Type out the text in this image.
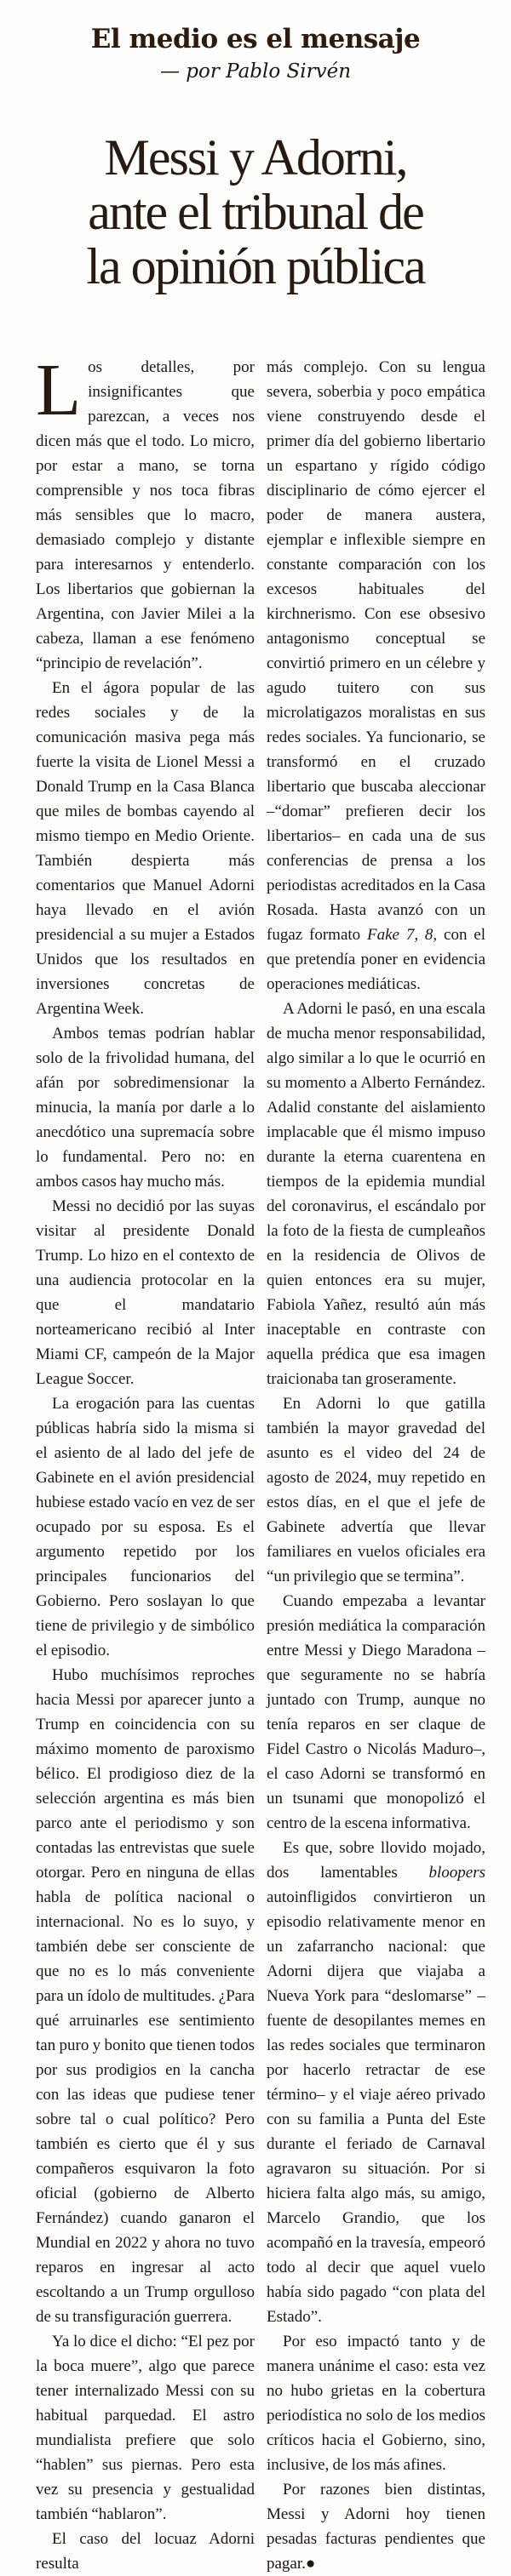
El medio es el mensaje
— por Pablo Sirvén
Messi y Adorni,
ante el tribunal de
la opinión pública

Los detalles, por insignificantes que parezcan, a veces nos dicen más que el todo. Lo micro, por estar a mano, se torna comprensible y nos toca fibras más sensibles que lo macro, demasiado complejo y distante para interesarnos y entenderlo. Los libertarios que gobiernan la Argentina, con Javier Milei a la cabeza, llaman a ese fenómeno “principio de revelación”.

En el ágora popular de las redes sociales y de la comunicación masiva pega más fuerte la visita de Lionel Messi a Donald Trump en la Casa Blanca que miles de bombas cayendo al mismo tiempo en Medio Oriente. También despierta más comentarios que Manuel Adorni haya llevado en el avión presidencial a su mujer a Estados Unidos que los resultados en inversiones concretas de Argentina Week.

Ambos temas podrían hablar solo de la frivolidad humana, del afán por sobredimensionar la minucia, la manía por darle a lo anecdótico una supremacía sobre lo fundamental. Pero no: en ambos casos hay mucho más.

Messi no decidió por las suyas visitar al presidente Donald Trump. Lo hizo en el contexto de una audiencia protocolar en la que el mandatario norteamericano recibió al Inter Miami CF, campeón de la Major League Soccer.

La erogación para las cuentas públicas habría sido la misma si el asiento de al lado del jefe de Gabinete en el avión presidencial hubiese estado vacío en vez de ser ocupado por su esposa. Es el argumento repetido por los principales funcionarios del Gobierno. Pero soslayan lo que tiene de privilegio y de simbólico el episodio.

Hubo muchísimos reproches hacia Messi por aparecer junto a Trump en coincidencia con su máximo momento de paroxismo bélico. El prodigioso diez de la selección argentina es más bien parco ante el periodismo y son contadas las entrevistas que suele otorgar. Pero en ninguna de ellas habla de política nacional o internacional. No es lo suyo, y también debe ser consciente de que no es lo más conveniente para un ídolo de multitudes. ¿Para qué arruinarles ese sentimiento tan puro y bonito que tienen todos por sus prodigios en la cancha con las ideas que pudiese tener sobre tal o cual político? Pero también es cierto que él y sus compañeros esquivaron la foto oficial (gobierno de Alberto Fernández) cuando ganaron el Mundial en 2022 y ahora no tuvo reparos en ingresar al acto escoltando a un Trump orgulloso de su transfiguración guerrera.

Ya lo dice el dicho: “El pez por la boca muere”, algo que parece tener internalizado Messi con su habitual parquedad. El astro mundialista prefiere que solo “hablen” sus piernas. Pero esta vez su presencia y gestualidad también “hablaron”.

El caso del locuaz Adorni resulta

más complejo. Con su lengua severa, soberbia y poco empática viene construyendo desde el primer día del gobierno libertario un espartano y rígido código disciplinario de cómo ejercer el poder de manera austera, ejemplar e inflexible siempre en constante comparación con los excesos habituales del kirchnerismo. Con ese obsesivo antagonismo conceptual se convirtió primero en un célebre y agudo tuitero con sus microlatigazos moralistas en sus redes sociales. Ya funcionario, se transformó en el cruzado libertario que buscaba aleccionar –“domar” prefieren decir los libertarios– en cada una de sus conferencias de prensa a los periodistas acreditados en la Casa Rosada. Hasta avanzó con un fugaz formato Fake 7, 8, con el que pretendía poner en evidencia operaciones mediáticas.

A Adorni le pasó, en una escala de mucha menor responsabilidad, algo similar a lo que le ocurrió en su momento a Alberto Fernández. Adalid constante del aislamiento implacable que él mismo impuso durante la eterna cuarentena en tiempos de la epidemia mundial del coronavirus, el escándalo por la foto de la fiesta de cumpleaños en la residencia de Olivos de quien entonces era su mujer, Fabiola Yañez, resultó aún más inaceptable en contraste con aquella prédica que esa imagen traicionaba tan groseramente.

En Adorni lo que gatilla también la mayor gravedad del asunto es el video del 24 de agosto de 2024, muy repetido en estos días, en el que el jefe de Gabinete advertía que llevar familiares en vuelos oficiales era “un privilegio que se termina”.

Cuando empezaba a levantar presión mediática la comparación entre Messi y Diego Maradona –que seguramente no se habría juntado con Trump, aunque no tenía reparos en ser claque de Fidel Castro o Nicolás Maduro–, el caso Adorni se transformó en un tsunami que monopolizó el centro de la escena informativa.

Es que, sobre llovido mojado, dos lamentables bloopers autoinfligidos convirtieron un episodio relativamente menor en un zafarrancho nacional: que Adorni dijera que viajaba a Nueva York para “deslomarse” –fuente de desopilantes memes en las redes sociales que terminaron por hacerlo retractar de ese término– y el viaje aéreo privado con su familia a Punta del Este durante el feriado de Carnaval agravaron su situación. Por si hiciera falta algo más, su amigo, Marcelo Grandio, que los acompañó en la travesía, empeoró todo al decir que aquel vuelo había sido pagado “con plata del Estado”.

Por eso impactó tanto y de manera unánime el caso: esta vez no hubo grietas en la cobertura periodística no solo de los medios críticos hacia el Gobierno, sino, inclusive, de los más afines.

Por razones bien distintas, Messi y Adorni hoy tienen pesadas facturas pendientes que pagar.●
